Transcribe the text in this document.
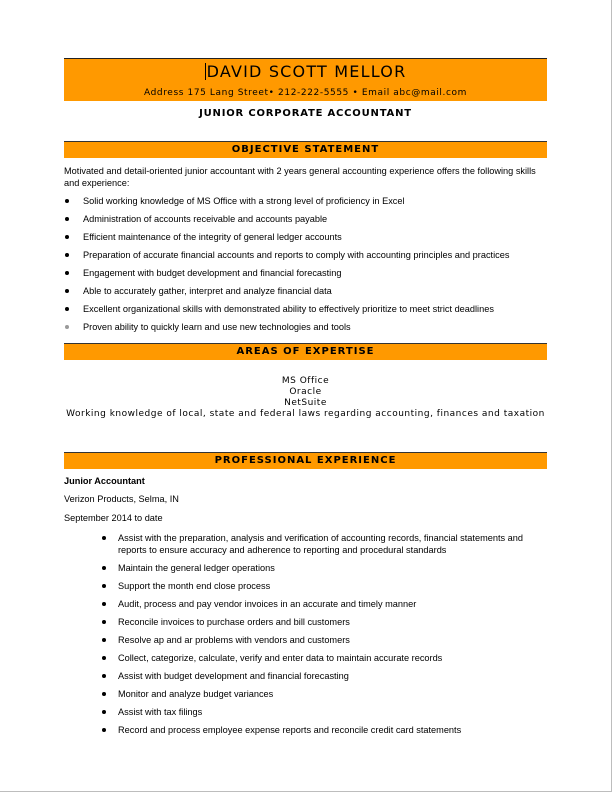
DAVID SCOTT MELLOR
Address 175 Lang Street• 212-222-5555 • Email abc@mail.com
JUNIOR CORPORATE ACCOUNTANT
OBJECTIVE STATEMENT
Motivated and detail-oriented junior accountant with 2 years general accounting experience offers the following skills and experience:
Solid working knowledge of MS Office with a strong level of proficiency in Excel
Administration of accounts receivable and accounts payable
Efficient maintenance of the integrity of general ledger accounts
Preparation of accurate financial accounts and reports to comply with accounting principles and practices
Engagement with budget development and financial forecasting
Able to accurately gather, interpret and analyze financial data
Excellent organizational skills with demonstrated ability to effectively prioritize to meet strict deadlines
Proven ability to quickly learn and use new technologies and tools
AREAS OF EXPERTISE
MS Office
Oracle
NetSuite
Working knowledge of local, state and federal laws regarding accounting, finances and taxation
PROFESSIONAL EXPERIENCE
Junior Accountant
Verizon Products, Selma, IN
September 2014 to date
Assist with the preparation, analysis and verification of accounting records, financial statements and reports to ensure accuracy and adherence to reporting and procedural standards
Maintain the general ledger operations
Support the month end close process
Audit, process and pay vendor invoices in an accurate and timely manner
Reconcile invoices to purchase orders and bill customers
Resolve ap and ar problems with vendors and customers
Collect, categorize, calculate, verify and enter data to maintain accurate records
Assist with budget development and financial forecasting
Monitor and analyze budget variances
Assist with tax filings
Record and process employee expense reports and reconcile credit card statements
